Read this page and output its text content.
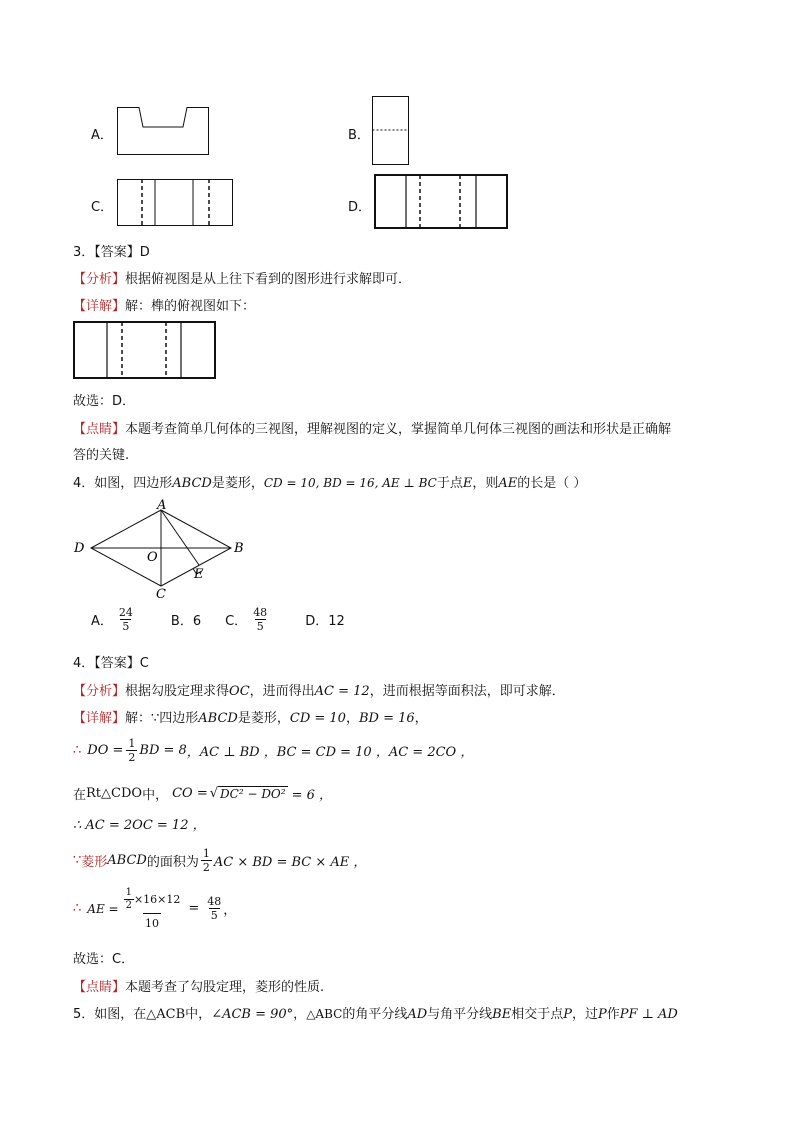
A．	B．
C．	D．
3．【答案】D
【分析】根据俯视图是从上往下看到的图形进行求解即可．
【详解】解：榫的俯视图如下：
故选：D．
【点睛】本题考查简单几何体的三视图，理解视图的定义，掌握简单几何体三视图的画法和形状是正确解
答的关键.
4．如图，四边形ABCD是菱形，CD = 10, BD = 16, AE ⊥ BC于点E，则AE的长是（ ）
A
B
C
D
O
E
A． $\frac{24}{5}$	B．6 C． $\frac{48}{5}$	D．12
4．【答案】C
【分析】根据勾股定理求得OC，进而得出AC = 12，进而根据等面积法，即可求解．
【详解】解：∵四边形ABCD是菱形，CD = 10，BD = 16，
∴ DO = $\frac{1}{2}$ BD = 8 ，AC ⊥ BD ，BC = CD = 10 ，AC = 2CO ，
在 Rt△CDO 中， CO = √ DC² − DO² = 6 ，
∴ AC = 2OC = 12 ，
∵ 菱形 ABCD 的面积为 $\frac{1}{2}$ AC × BD = BC × AE ，
∴ AE = $\frac{\frac{1}{2} \times 16\times 12}{10} = \frac{48}{5}$ ，
故选：C．
【点睛】本题考查了勾股定理，菱形的性质.
5．如图，在△ACB中，∠ACB = 90°，△ABC的角平分线AD与角平分线BE相交于点P，过P作PF ⊥ AD
